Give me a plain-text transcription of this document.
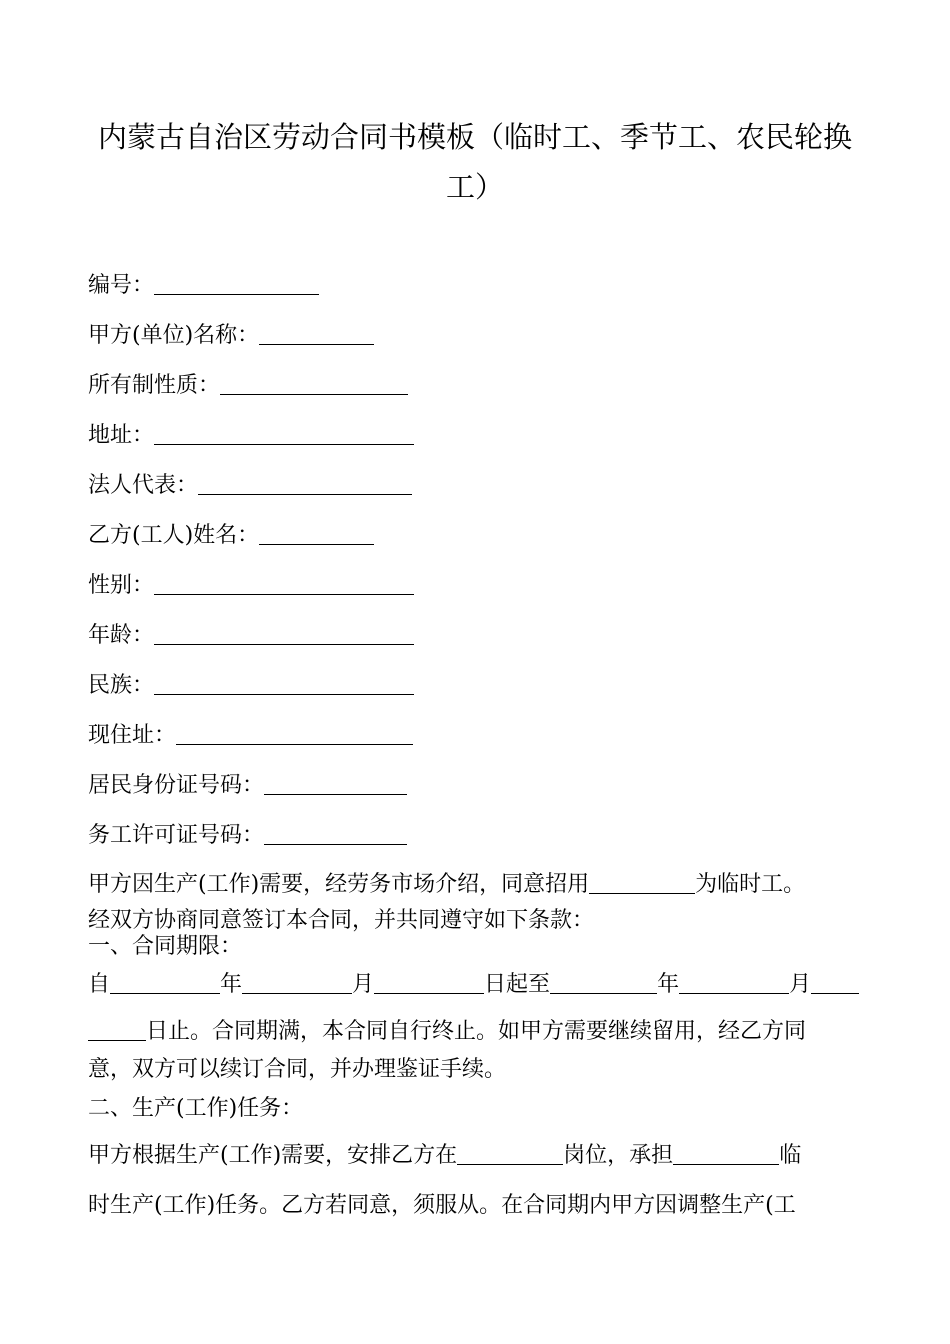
内蒙古自治区劳动合同书模板（临时工、季节工、农民轮换
工）
编号：
甲方(单位)名称：
所有制性质：
地址：
法人代表：
乙方(工人)姓名：
性别：
年龄：
民族：
现住址：
居民身份证号码：
务工许可证号码：
甲方因生产(工作)需要，经劳务市场介绍，同意招用	为临时工。
经双方协商同意签订本合同，并共同遵守如下条款：
一、合同期限：
自	年	月	日起至	年	月
日止。合同期满，本合同自行终止。如甲方需要继续留用，经乙方同
意，双方可以续订合同，并办理鉴证手续。
二、生产(工作)任务：
甲方根据生产(工作)需要，安排乙方在	岗位，承担	临
时生产(工作)任务。乙方若同意，须服从。在合同期内甲方因调整生产(工
